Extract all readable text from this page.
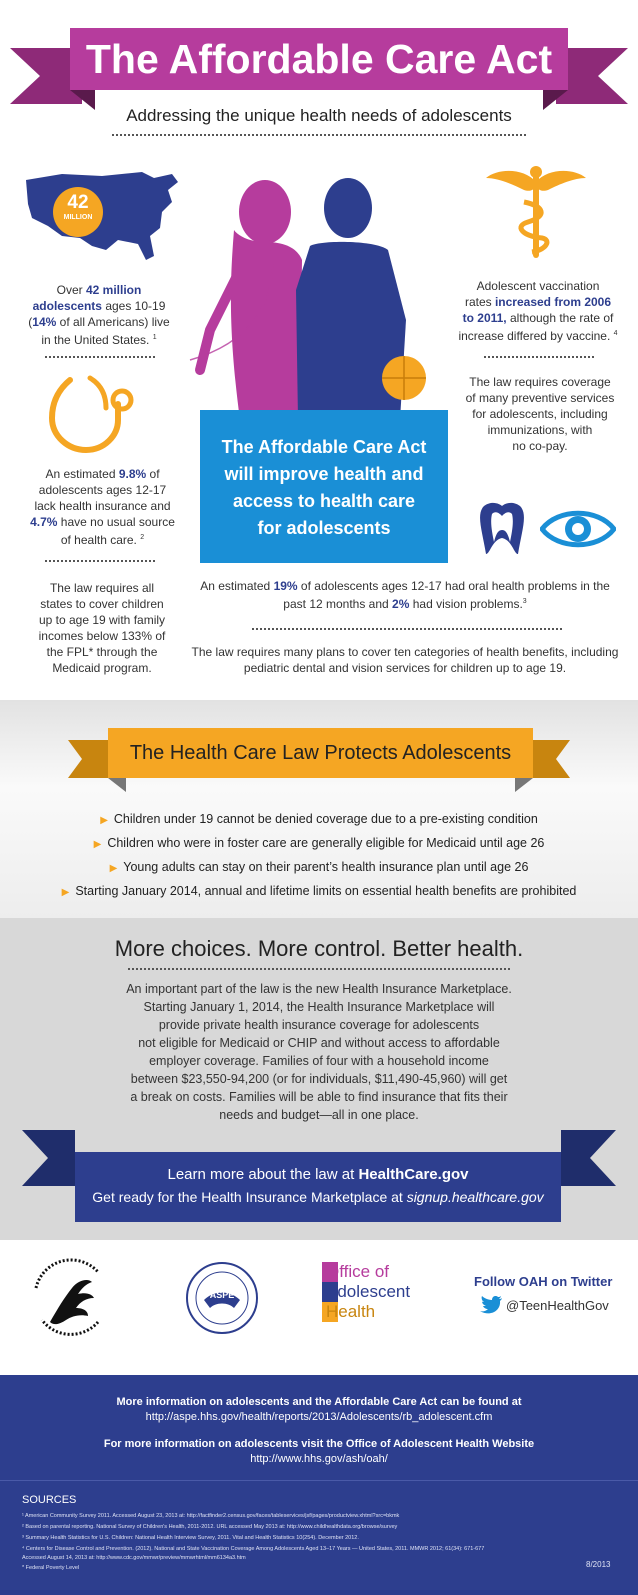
The Affordable Care Act
Addressing the unique health needs of adolescents
42
MILLION
Over 42 million
adolescents ages 10-19
(14% of all Americans) live
in the United States. $^1$
An estimated 9.8% of
adolescents ages 12-17
lack health insurance and
4.7% have no usual source
of health care. $^2$
The law requires all
states to cover children
up to age 19 with family
incomes below 133% of
the FPL* through the
Medicaid program.
The Affordable Care Act
will improve health and
access to health care
for adolescents
Adolescent vaccination
rates increased from 2006
to 2011, although the rate of
increase differed by vaccine. $^4$
The law requires coverage
of many preventive services
for adolescents, including
immunizations, with
no co-pay.
An estimated 19% of adolescents ages 12-17 had oral health problems in the
past 12 months and 2% had vision problems.$^3$
The law requires many plans to cover ten categories of health benefits, including
pediatric dental and vision services for children up to age 19.
The Health Care Law Protects Adolescents
▶ Children under 19 cannot be denied coverage due to a pre-existing condition
▶ Children who were in foster care are generally eligible for Medicaid until age 26
▶ Young adults can stay on their parent’s health insurance plan until age 26
▶ Starting January 2014, annual and lifetime limits on essential health benefits are prohibited
More choices. More control. Better health.
An important part of the law is the new Health Insurance Marketplace.
Starting January 1, 2014, the Health Insurance Marketplace will
provide private health insurance coverage for adolescents
not eligible for Medicaid or CHIP and without access to affordable
employer coverage. Families of four with a household income
between $23,550-94,200 (or for individuals, $11,490-45,960) will get
a break on costs. Families will be able to find insurance that fits their
needs and budget—all in one place.
Learn more about the law at HealthCare.gov
Get ready for the Health Insurance Marketplace at signup.healthcare.gov
ASPE
Office of
Adolescent
Health
Follow OAH on Twitter
@TeenHealthGov
More information on adolescents and the Affordable Care Act can be found at
http://aspe.hhs.gov/health/reports/2013/Adolescents/rb_adolescent.cfm
For more information on adolescents visit the Office of Adolescent Health Website
http://www.hhs.gov/ash/oah/
SOURCES
¹ American Community Survey 2011. Accessed August 23, 2013 at: http://factfinder2.census.gov/faces/tableservices/jsf/pages/productview.xhtml?src=bkmk
² Based on parental reporting. National Survey of Children's Health, 2011-2012. URL accessed May 2013 at: http://www.childhealthdata.org/browse/survey
³ Summary Health Statistics for U.S. Children: National Health Interview Survey, 2011. Vital and Health Statistics 10(254). December 2012.
⁴ Centers for Disease Control and Prevention. (2012). National and State Vaccination Coverage Among Adolescents Aged 13–17 Years — United States, 2011. MMWR 2012; 61(34): 671-677
Accessed August 14, 2013 at: http://www.cdc.gov/mmwr/preview/mmwrhtml/mm6134a3.htm
* Federal Poverty Level	8/2013
